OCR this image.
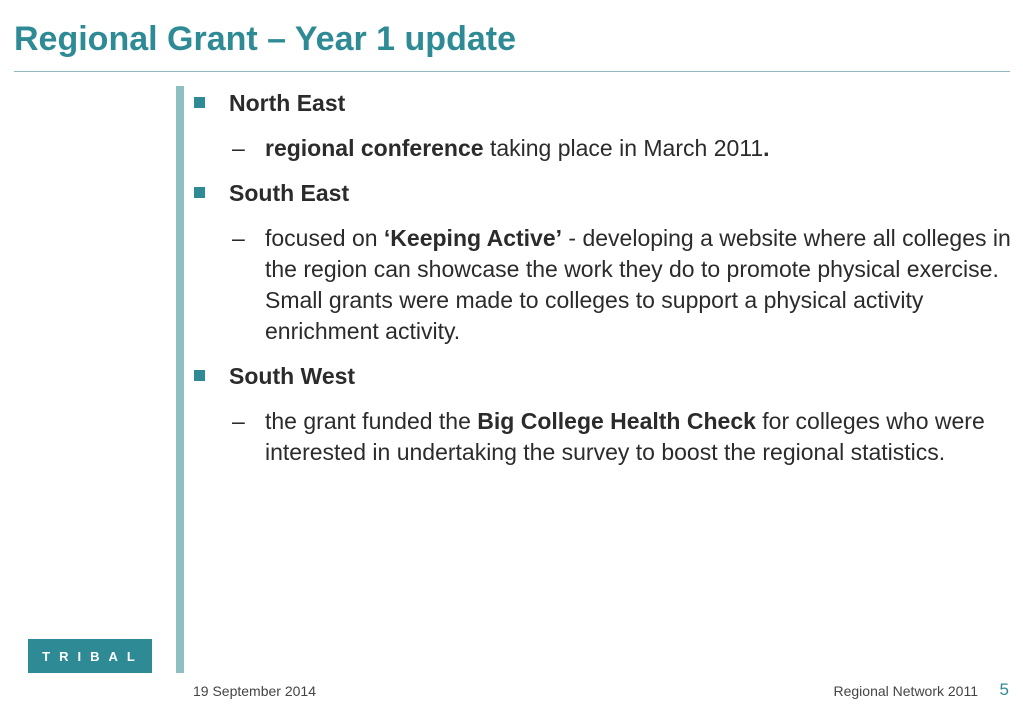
Regional Grant – Year 1 update

North East

– regional conference taking place in March 2011.

South East

– focused on ‘Keeping Active’ - developing a website where all colleges in the region can showcase the work they do to promote physical exercise. Small grants were made to colleges to support a physical activity enrichment activity.

South West

– the grant funded the Big College Health Check for colleges who were interested in undertaking the survey to boost the regional statistics.

TRIBAL
19 September 2014	Regional Network 2011 5
